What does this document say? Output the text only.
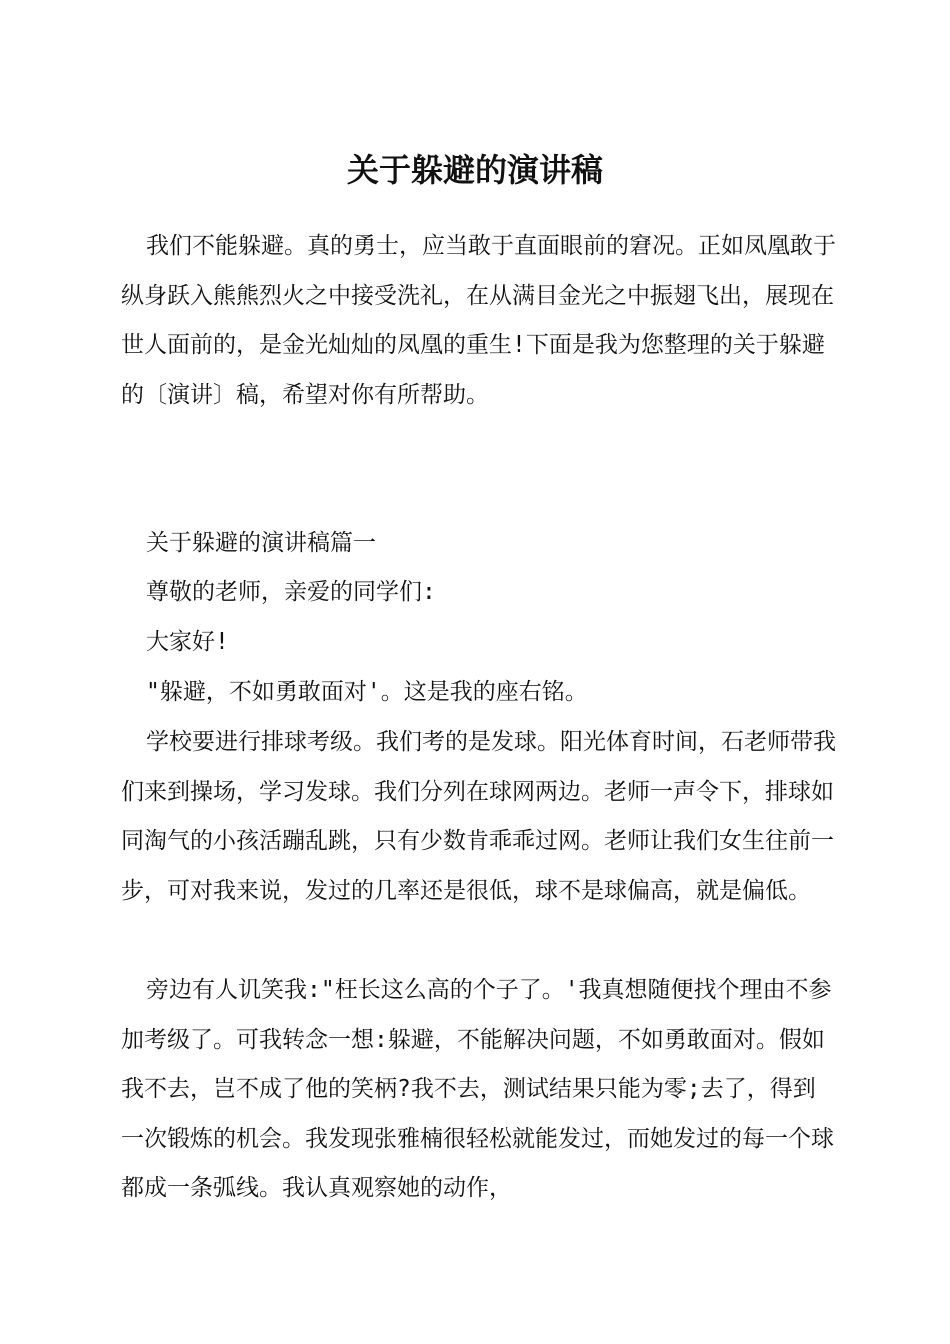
关于躲避的演讲稿

我们不能躲避。真的勇士，应当敢于直面眼前的窘况。正如凤凰敢于纵身跃入熊熊烈火之中接受洗礼，在从满目金光之中振翅飞出，展现在世人面前的，是金光灿灿的凤凰的重生!下面是我为您整理的关于躲避的〔演讲〕稿，希望对你有所帮助。

关于躲避的演讲稿篇一

尊敬的老师，亲爱的同学们:

大家好!

"躲避，不如勇敢面对'。这是我的座右铭。

学校要进行排球考级。我们考的是发球。阳光体育时间，石老师带我们来到操场，学习发球。我们分列在球网两边。老师一声令下，排球如同淘气的小孩活蹦乱跳，只有少数肯乖乖过网。老师让我们女生往前一步，可对我来说，发过的几率还是很低，球不是球偏高，就是偏低。

旁边有人讥笑我:"枉长这么高的个子了。'我真想随便找个理由不参加考级了。可我转念一想:躲避，不能解决问题，不如勇敢面对。假如我不去，岂不成了他的笑柄?我不去，测试结果只能为零;去了，得到一次锻炼的机会。我发现张雅楠很轻松就能发过，而她发过的每一个球都成一条弧线。我认真观察她的动作，
